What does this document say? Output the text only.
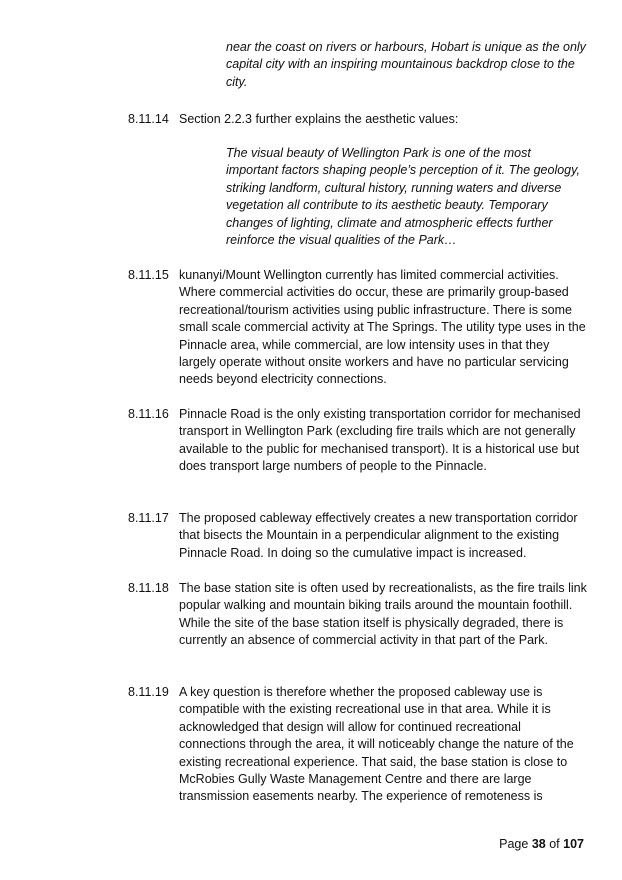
near the coast on rivers or harbours, Hobart is unique as the only capital city with an inspiring mountainous backdrop close to the city.

8.11.14 Section 2.2.3 further explains the aesthetic values:

The visual beauty of Wellington Park is one of the most important factors shaping people’s perception of it. The geology, striking landform, cultural history, running waters and diverse vegetation all contribute to its aesthetic beauty. Temporary changes of lighting, climate and atmospheric effects further reinforce the visual qualities of the Park…

8.11.15 kunanyi/Mount Wellington currently has limited commercial activities. Where commercial activities do occur, these are primarily group-based recreational/tourism activities using public infrastructure. There is some small scale commercial activity at The Springs. The utility type uses in the Pinnacle area, while commercial, are low intensity uses in that they largely operate without onsite workers and have no particular servicing needs beyond electricity connections.
8.11.16 Pinnacle Road is the only existing transportation corridor for mechanised transport in Wellington Park (excluding fire trails which are not generally available to the public for mechanised transport). It is a historical use but does transport large numbers of people to the Pinnacle.
8.11.17 The proposed cableway effectively creates a new transportation corridor that bisects the Mountain in a perpendicular alignment to the existing Pinnacle Road. In doing so the cumulative impact is increased.
8.11.18 The base station site is often used by recreationalists, as the fire trails link popular walking and mountain biking trails around the mountain foothill. While the site of the base station itself is physically degraded, there is currently an absence of commercial activity in that part of the Park.
8.11.19 A key question is therefore whether the proposed cableway use is compatible with the existing recreational use in that area. While it is acknowledged that design will allow for continued recreational connections through the area, it will noticeably change the nature of the existing recreational experience. That said, the base station is close to McRobies Gully Waste Management Centre and there are large transmission easements nearby. The experience of remoteness is
Page 38 of 107
